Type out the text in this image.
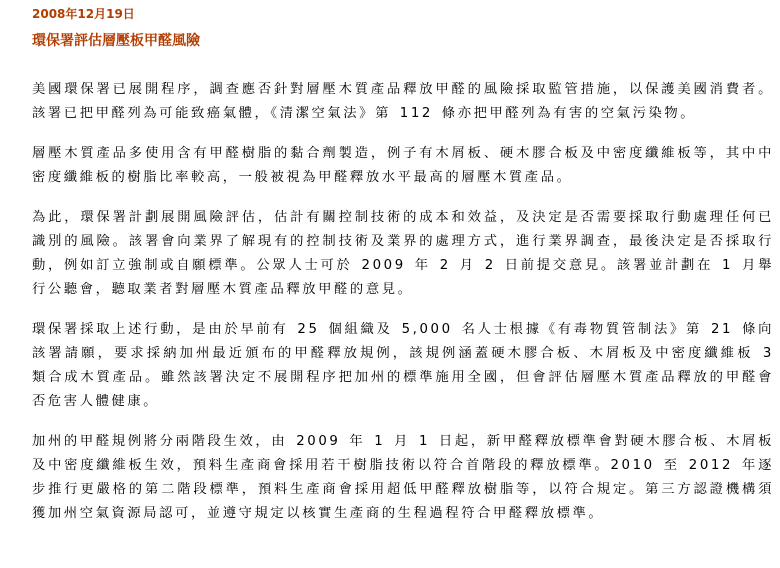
2008年12月19日
環保署評估層壓板甲醛風險

美國環保署已展開程序，調查應否針對層壓木質產品釋放甲醛的風險採取監管措施，以保護美國消費者。該署已把甲醛列為可能致癌氣體，《清潔空氣法》第 112 條亦把甲醛列為有害的空氣污染物。

層壓木質產品多使用含有甲醛樹脂的黏合劑製造，例子有木屑板、硬木膠合板及中密度纖維板等，其中中密度纖維板的樹脂比率較高，一般被視為甲醛釋放水平最高的層壓木質產品。

為此，環保署計劃展開風險評估，估計有關控制技術的成本和效益，及決定是否需要採取行動處理任何已識別的風險。該署會向業界了解現有的控制技術及業界的處理方式，進行業界調查，最後決定是否採取行動，例如訂立強制或自願標準。公眾人士可於 2009 年 2 月 2 日前提交意見。該署並計劃在 1 月舉行公聽會，聽取業者對層壓木質產品釋放甲醛的意見。

環保署採取上述行動，是由於早前有 25 個組織及 5,000 名人士根據《有毒物質管制法》第 21 條向該署請願，要求採納加州最近頒布的甲醛釋放規例，該規例涵蓋硬木膠合板、木屑板及中密度纖維板 3 類合成木質產品。雖然該署決定不展開程序把加州的標準施用全國，但會評估層壓木質產品釋放的甲醛會否危害人體健康。

加州的甲醛規例將分兩階段生效，由 2009 年 1 月 1 日起，新甲醛釋放標準會對硬木膠合板、木屑板及中密度纖維板生效，預料生產商會採用若干樹脂技術以符合首階段的釋放標準。2010 至 2012 年逐步推行更嚴格的第二階段標準，預料生產商會採用超低甲醛釋放樹脂等，以符合規定。第三方認證機構須獲加州空氣資源局認可，並遵守規定以核實生產商的生程過程符合甲醛釋放標準。
